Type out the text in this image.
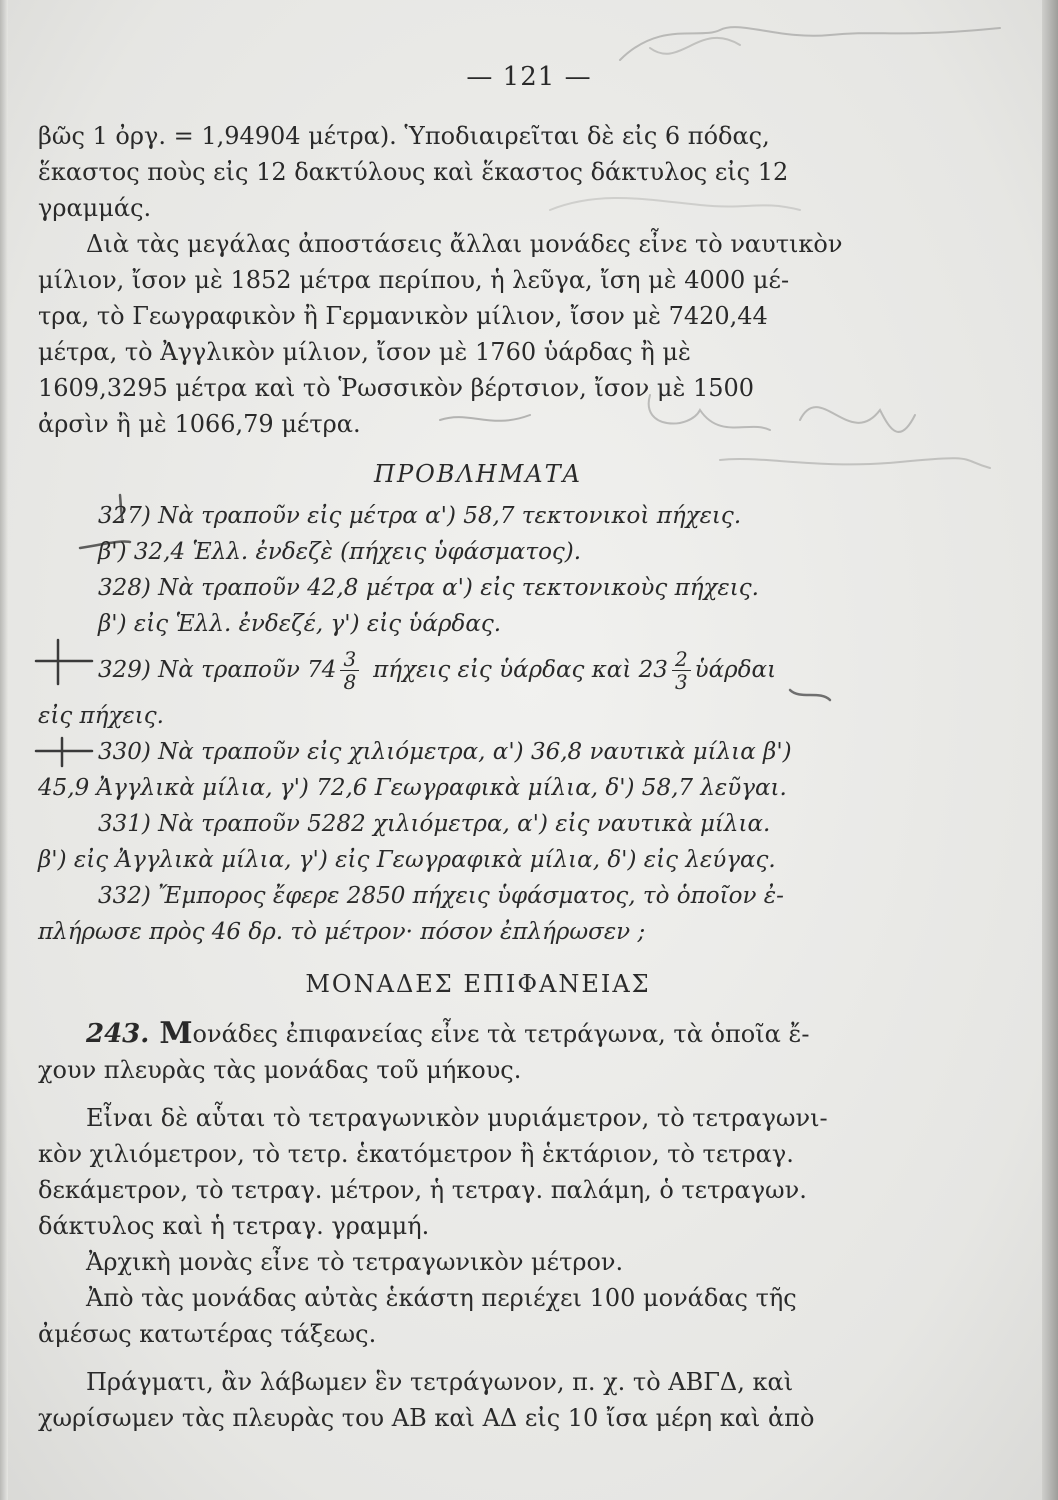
— 121 —
βῶς 1 ὀργ. = 1,94904 μέτρα). Ὑποδιαιρεῖται δὲ εἰς 6 πόδας,
ἕκαστος ποὺς εἰς 12 δακτύλους καὶ ἕκαστος δάκτυλος εἰς 12
γραμμάς.
Διὰ τὰς μεγάλας ἀποστάσεις ἄλλαι μονάδες εἶνε τὸ ναυτικὸν
μίλιον, ἴσον μὲ 1852 μέτρα περίπου, ἡ λεῦγα, ἴση μὲ 4000 μέ-
τρα, τὸ Γεωγραφικὸν ἢ Γερμανικὸν μίλιον, ἴσον μὲ 7420,44
μέτρα, τὸ Ἀγγλικὸν μίλιον, ἴσον μὲ 1760 ὑάρδας ἢ μὲ
1609,3295 μέτρα καὶ τὸ Ῥωσσικὸν βέρτσιον, ἴσον μὲ 1500
ἀρσὶν ἢ μὲ 1066,79 μέτρα.
ΠΡΟΒΛΗΜΑΤΑ
327) Νὰ τραποῦν εἰς μέτρα α') 58,7 τεκτονικοὶ πήχεις.
β') 32,4 Ἑλλ. ἐνδεζὲ (πήχεις ὑφάσματος).
328) Νὰ τραποῦν 42,8 μέτρα α') εἰς τεκτονικοὺς πήχεις.
β') εἰς Ἑλλ. ἐνδεζέ, γ') εἰς ὑάρδας.
329) Νὰ τραποῦν $74 \frac{3}{8}$ πήχεις εἰς ὑάρδας καὶ $23 \frac{2}{3}$ ὑάρδαι
εἰς πήχεις.
330) Νὰ τραποῦν εἰς χιλιόμετρα, α') 36,8 ναυτικὰ μίλια β')
45,9 Ἀγγλικὰ μίλια, γ') 72,6 Γεωγραφικὰ μίλια, δ') 58,7 λεῦγαι.
331) Νὰ τραποῦν 5282 χιλιόμετρα, α') εἰς ναυτικὰ μίλια.
β') εἰς Ἀγγλικὰ μίλια, γ') εἰς Γεωγραφικὰ μίλια, δ') εἰς λεύγας.
332) Ἔμπορος ἔφερε 2850 πήχεις ὑφάσματος, τὸ ὁποῖον ἐ-
πλήρωσε πρὸς 46 δρ. τὸ μέτρον· πόσον ἐπλήρωσεν ;
ΜΟΝΑΔΕΣ ΕΠΙΦΑΝΕΙΑΣ
243. Μ ονάδες ἐπιφανείας εἶνε τὰ τετράγωνα, τὰ ὁποῖα ἔ-
χουν πλευρὰς τὰς μονάδας τοῦ μήκους.
Εἶναι δὲ αὗται τὸ τετραγωνικὸν μυριάμετρον, τὸ τετραγωνι-
κὸν χιλιόμετρον, τὸ τετρ. ἑκατόμετρον ἢ ἑκτάριον, τὸ τετραγ.
δεκάμετρον, τὸ τετραγ. μέτρον, ἡ τετραγ. παλάμη, ὁ τετραγων.
δάκτυλος καὶ ἡ τετραγ. γραμμή.
Ἀρχικὴ μονὰς εἶνε τὸ τετραγωνικὸν μέτρον.
Ἀπὸ τὰς μονάδας αὐτὰς ἑκάστη περιέχει 100 μονάδας τῆς
ἀμέσως κατωτέρας τάξεως.
Πράγματι, ἂν λάβωμεν ἓν τετράγωνον, π. χ. τὸ ΑΒΓΔ, καὶ
χωρίσωμεν τὰς πλευρὰς του ΑΒ καὶ ΑΔ εἰς 10 ἴσα μέρη καὶ ἀπὸ
